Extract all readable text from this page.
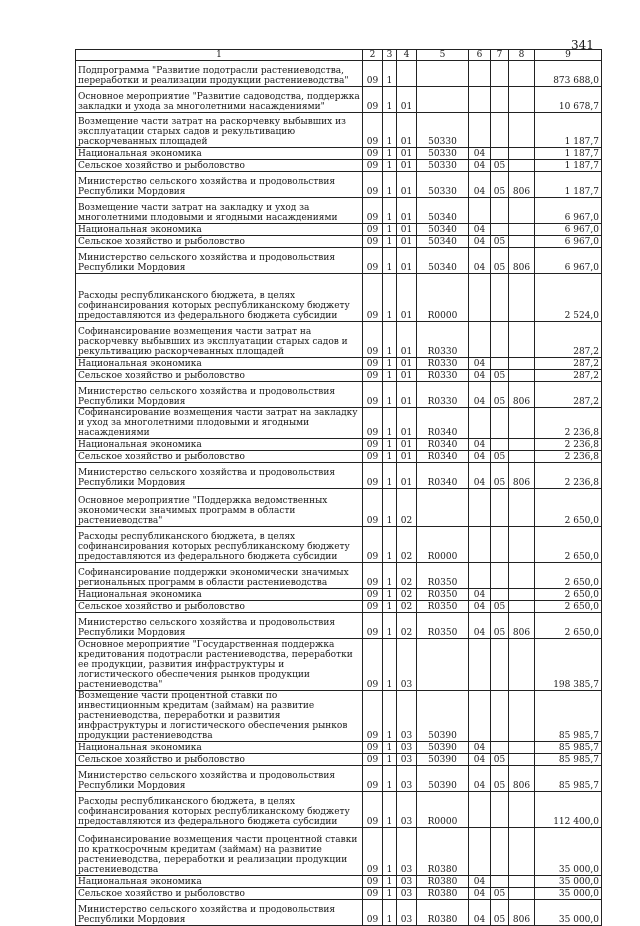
341
1	2	3	4	5	6	7	8	9
Подпрограмма "Развитие подотрасли растениеводства, переработки и реализации продукции растениеводства"	09	1						873 688,0
Основное мероприятие "Развитие садоводства, поддержка закладки и ухода за многолетними насаждениями"	09	1	01					10 678,7
Возмещение части затрат на раскорчевку выбывших из эксплуатации старых садов и рекультивацию раскорчеванных площадей	09	1	01	50330				1 187,7
Национальная экономика	09	1	01	50330	04			1 187,7
Сельское хозяйство и рыболовство	09	1	01	50330	04	05		1 187,7
Министерство сельского хозяйства и продовольствия Республики Мордовия	09	1	01	50330	04	05	806	1 187,7
Возмещение части затрат на закладку и уход за многолетними плодовыми и ягодными насаждениями	09	1	01	50340				6 967,0
Национальная экономика	09	1	01	50340	04			6 967,0
Сельское хозяйство и рыболовство	09	1	01	50340	04	05		6 967,0
Министерство сельского хозяйства и продовольствия Республики Мордовия	09	1	01	50340	04	05	806	6 967,0
Расходы республиканского бюджета, в целях софинансирования которых республиканскому бюджету предоставляются из федерального бюджета субсидии	09	1	01	R0000				2 524,0
Софинансирование возмещения части затрат на раскорчевку выбывших из эксплуатации старых садов и рекультивацию раскорчеванных площадей	09	1	01	R0330				287,2
Национальная экономика	09	1	01	R0330	04			287,2
Сельское хозяйство и рыболовство	09	1	01	R0330	04	05		287,2
Министерство сельского хозяйства и продовольствия Республики Мордовия	09	1	01	R0330	04	05	806	287,2
Софинансирование возмещения части затрат на закладку и уход за многолетними плодовыми и ягодными насаждениями	09	1	01	R0340				2 236,8
Национальная экономика	09	1	01	R0340	04			2 236,8
Сельское хозяйство и рыболовство	09	1	01	R0340	04	05		2 236,8
Министерство сельского хозяйства и продовольствия Республики Мордовия	09	1	01	R0340	04	05	806	2 236,8
Основное мероприятие "Поддержка ведомственных экономически значимых программ в области растениеводства"	09	1	02					2 650,0
Расходы республиканского бюджета, в целях софинансирования которых республиканскому бюджету предоставляются из федерального бюджета субсидии	09	1	02	R0000				2 650,0
Софинансирование поддержки экономически значимых региональных программ в области растениеводства	09	1	02	R0350				2 650,0
Национальная экономика	09	1	02	R0350	04			2 650,0
Сельское хозяйство и рыболовство	09	1	02	R0350	04	05		2 650,0
Министерство сельского хозяйства и продовольствия Республики Мордовия	09	1	02	R0350	04	05	806	2 650,0
Основное мероприятие "Государственная поддержка кредитования подотрасли растениеводства, переработки ее продукции, развития инфраструктуры и логистического обеспечения рынков продукции растениеводства"	09	1	03					198 385,7
Возмещение части процентной ставки по инвестиционным кредитам (займам) на развитие растениеводства, переработки и развития инфраструктуры и логистического обеспечения рынков продукции растениеводства	09	1	03	50390				85 985,7
Национальная экономика	09	1	03	50390	04			85 985,7
Сельское хозяйство и рыболовство	09	1	03	50390	04	05		85 985,7
Министерство сельского хозяйства и продовольствия Республики Мордовия	09	1	03	50390	04	05	806	85 985,7
Расходы республиканского бюджета, в целях софинансирования которых республиканскому бюджету предоставляются из федерального бюджета субсидии	09	1	03	R0000				112 400,0
Софинансирование возмещения части процентной ставки по краткосрочным кредитам (займам) на развитие растениеводства, переработки и реализации продукции растениеводства	09	1	03	R0380				35 000,0
Национальная экономика	09	1	03	R0380	04			35 000,0
Сельское хозяйство и рыболовство	09	1	03	R0380	04	05		35 000,0
Министерство сельского хозяйства и продовольствия Республики Мордовия	09	1	03	R0380	04	05	806	35 000,0
